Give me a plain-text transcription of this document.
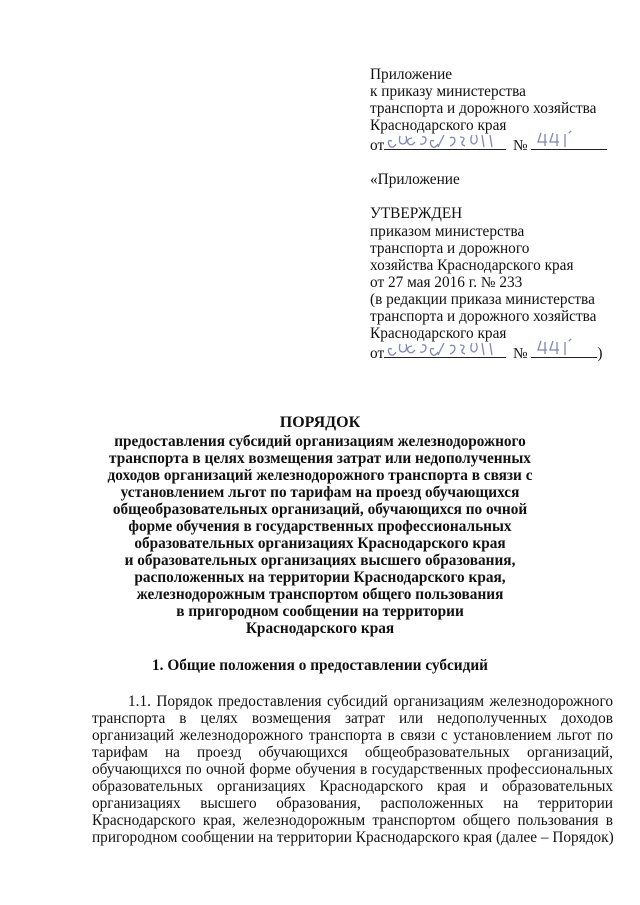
Приложение
к приказу министерства
транспорта и дорожного хозяйства
Краснодарского края
от	№
«Приложение
УТВЕРЖДЕН
приказом министерства
транспорта и дорожного
хозяйства Краснодарского края
от 27 мая 2016 г. № 233
(в редакции приказа министерства
транспорта и дорожного хозяйства
Краснодарского края
от	№	)
ПОРЯДОК
предоставления субсидий организациям железнодорожного
транспорта в целях возмещения затрат или недополученных
доходов организаций железнодорожного транспорта в связи с
установлением льгот по тарифам на проезд обучающихся
общеобразовательных организаций, обучающихся по очной
форме обучения в государственных профессиональных
образовательных организациях Краснодарского края
и образовательных организациях высшего образования,
расположенных на территории Краснодарского края,
железнодорожным транспортом общего пользования
в пригородном сообщении на территории
Краснодарского края
1. Общие положения о предоставлении субсидий
1.1. Порядок предоставления субсидий организациям железнодорожного
транспорта в целях возмещения затрат или недополученных доходов
организаций железнодорожного транспорта в связи с установлением льгот по
тарифам на проезд обучающихся общеобразовательных организаций,
обучающихся по очной форме обучения в государственных профессиональных
образовательных организациях Краснодарского края и образовательных
организациях высшего образования, расположенных на территории
Краснодарского края, железнодорожным транспортом общего пользования в
пригородном сообщении на территории Краснодарского края (далее – Порядок)
